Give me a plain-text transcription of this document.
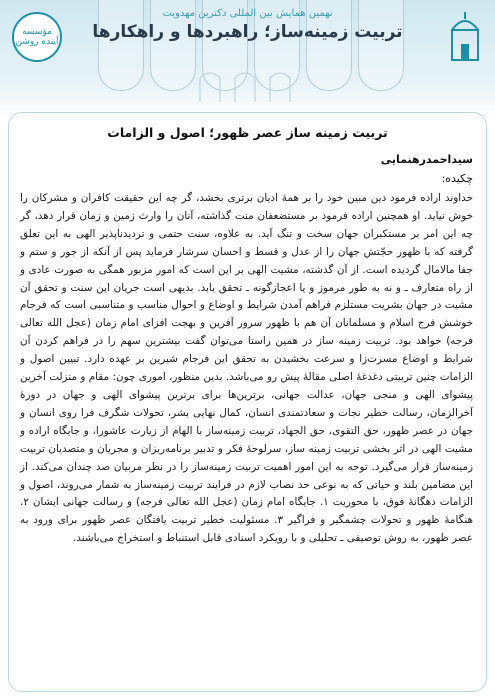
مؤسسه آینده روشن
نهمین همایش بین المللی دکترین مهدویت
تربیت زمینه‌ساز؛ راهبردها و راهکارها
تربیت زمینه ساز عصر ظهور؛ اصول و الزامات
سیداحمدرهنمایی
چکیده:

خداوند اراده فرمود دین مبین خود را بر همهٔ ادیان برتری بخشد، گر چه این حقیقت کافران و مشرکان را خوش نیاید. او همچنین اراده فرمود بر مستضعفان منت گذاشته، آنان را وارث زمین و زمان قرار دهد، گر چه این امر بر مستکبران جهان سخت و تنگ آید. به علاوه، سنت حتمی و تردیدناپذیر الهی به این تعلق گرفته که با ظهور حجّتش جهان را از عدل و قسط و احسان سرشار فرماید پس از آنکه از جور و ستم و جفا مالامال گردیده است. از آن گذشته، مشیت الهی بر این است که امور مزبور همگی به صورت عادی و از راه متعارف ـ و نه به طور مرموز و یا اعجازگونه ـ تحقق یابد. بدیهی است جریان این سنت و تحقق آن مشیت در جهان بشریت مستلزم فراهم آمدن شرایط و اوضاع و احوال مناسب و متناسبی است که فرجام خوشش فرج اسلام و مسلمانان آن هم با ظهور سرور آفرین و بهجت افزای امام زمان (عجل الله تعالی فرجه) خواهد بود. تربیت زمینه ساز در همین راستا می‌توان گفت بیشترین سهم را در فراهم کردن آن شرایط و اوضاع مسرت‌زا و سرعت بخشیدن به تحقق این فرجام شیرین بر عهده دارد. تبیین اصول و الزامات چنین تربیتی دغدغهٔ اصلی مقالهٔ پیش رو می‌باشد. بدین منظور، اموری چون: مقام و منزلت آخرین پیشوای الهی و منجی جهان، عدالت جهانی، برترین‌ها برای برترین پیشوای الهی و جهان در دورهٔ آخرالزمان، رسالت خطیر نجات و سعادتمندی انسان، کمال نهایی بشر، تحولات شگرف فرا روی انسان و جهان در عصر ظهور، حق التقوی، حق الجهاد، تربیت زمینه‌ساز با الهام از زیارت عاشورا، و جایگاه اراده و مشیت الهی در اثر بخشی تربیت زمینه ساز، سرلوحهٔ فکر و تدبیر برنامه‌ریزان و مجریان و متصدیان تربیت زمینه‌ساز قرار می‌گیرد. توجه به این امور اهمیت تربیت زمینه‌ساز را در نظر مربیان صد چندان می‌کند. از این مضامین بلند و حیاتی که به نوعی حد نصاب لازم در فرایند تربیت زمینه‌ساز به شمار می‌روند، اصول و الزامات دهگانهٔ فوق، با محوریت ۱. جایگاه امام زمان (عجل الله تعالی فرجه) و رسالت جهانی ایشان ۲. هنگامهٔ ظهور و تحولات چشمگیر و فراگیر ۳. مسئولیت خطیر تربیت یافتگان عصر ظهور برای ورود به عصر ظهور، به روش توصیفی ـ تحلیلی و با رویکرد اسنادی قابل استنباط و استخراج می‌باشند.
